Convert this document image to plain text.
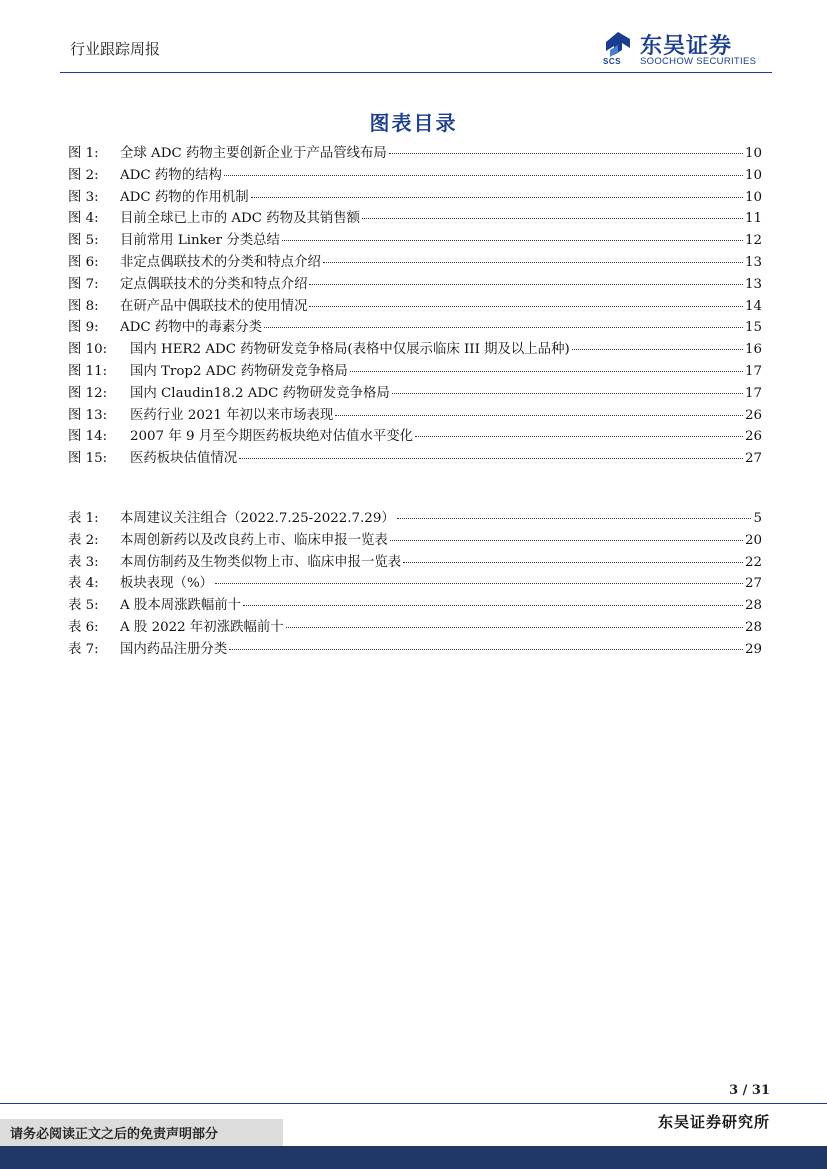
行业跟踪周报
SCS
东吴证券
SOOCHOW SECURITIES
图表目录
图 1:	全球 ADC 药物主要创新企业于产品管线布局	10
图 2:	ADC 药物的结构	10
图 3:	ADC 药物的作用机制	10
图 4:	目前全球已上市的 ADC 药物及其销售额	11
图 5:	目前常用 Linker 分类总结	12
图 6:	非定点偶联技术的分类和特点介绍	13
图 7:	定点偶联技术的分类和特点介绍	13
图 8:	在研产品中偶联技术的使用情况	14
图 9:	ADC 药物中的毒素分类	15
图 10:	国内 HER2 ADC 药物研发竞争格局(表格中仅展示临床 III 期及以上品种)	16
图 11:	国内 Trop2 ADC 药物研发竞争格局	17
图 12:	国内 Claudin18.2 ADC 药物研发竞争格局	17
图 13:	医药行业 2021 年初以来市场表现	26
图 14:	2007 年 9 月至今期医药板块绝对估值水平变化	26
图 15:	医药板块估值情况	27
表 1:	本周建议关注组合（2022.7.25-2022.7.29）	5
表 2:	本周创新药以及改良药上市、临床申报一览表	20
表 3:	本周仿制药及生物类似物上市、临床申报一览表	22
表 4:	板块表现（%）	27
表 5:	A 股本周涨跌幅前十	28
表 6:	A 股 2022 年初涨跌幅前十	28
表 7:	国内药品注册分类	29
3 / 31
东吴证券研究所
请务必阅读正文之后的免责声明部分
